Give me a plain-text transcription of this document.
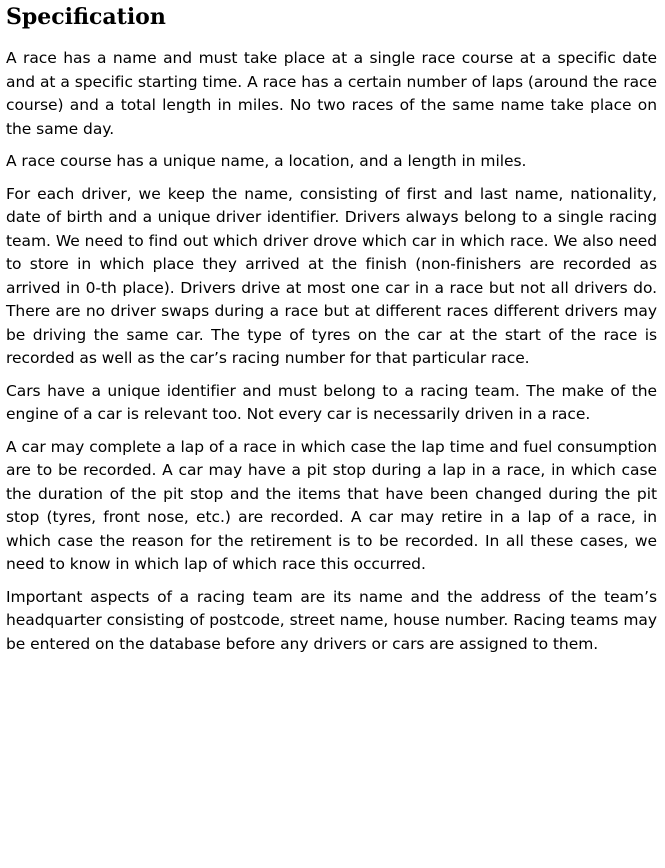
Specification

A race has a name and must take place at a single race course at a specific date and at a specific starting time. A race has a certain number of laps (around the race course) and a total length in miles. No two races of the same name take place on the same day.

A race course has a unique name, a location, and a length in miles.

For each driver, we keep the name, consisting of first and last name, nationality, date of birth and a unique driver identifier. Drivers always belong to a single racing team. We need to find out which driver drove which car in which race. We also need to store in which place they arrived at the finish (non-finishers are recorded as arrived in 0-th place). Drivers drive at most one car in a race but not all drivers do. There are no driver swaps during a race but at different races different drivers may be driving the same car. The type of tyres on the car at the start of the race is recorded as well as the car’s racing number for that particular race.

Cars have a unique identifier and must belong to a racing team. The make of the engine of a car is relevant too. Not every car is necessarily driven in a race.

A car may complete a lap of a race in which case the lap time and fuel consumption are to be recorded. A car may have a pit stop during a lap in a race, in which case the duration of the pit stop and the items that have been changed during the pit stop (tyres, front nose, etc.) are recorded. A car may retire in a lap of a race, in which case the reason for the retirement is to be recorded. In all these cases, we need to know in which lap of which race this occurred.

Important aspects of a racing team are its name and the address of the team’s headquarter consisting of postcode, street name, house number. Racing teams may be entered on the database before any drivers or cars are assigned to them.
